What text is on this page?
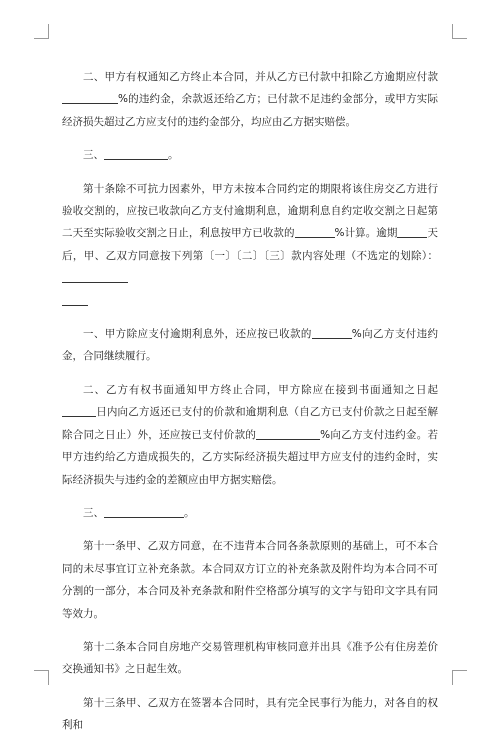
二、甲方有权通知乙方终止本合同，并从乙方已付款中扣除乙方逾期应付款%的违约金，余款返还给乙方；已付款不足违约金部分，或甲方实际经济损失超过乙方应支付的违约金部分，均应由乙方据实赔偿。

三、	。

第十条除不可抗力因素外，甲方未按本合同约定的期限将该住房交乙方进行验收交割的，应按已收款向乙方支付逾期利息，逾期利息自约定收交割之日起第二天至实际验收交割之日止，利息按甲方已收款的	%计算。逾期	天后，甲、乙双方同意按下列第〔一〕〔二〕〔三〕款内容处理（不选定的划除）：

一、甲方除应支付逾期利息外，还应按已收款的	%向乙方支付违约金，合同继续履行。

二、乙方有权书面通知甲方终止合同，甲方除应在接到书面通知之日起日内向乙方返还已支付的价款和逾期利息（自乙方已支付价款之日起至解除合同之日止）外，还应按已支付价款的	%向乙方支付违约金。若甲方违约给乙方造成损失的，乙方实际经济损失超过甲方应支付的违约金时，实际经济损失与违约金的差额应由甲方据实赔偿。

三、	。

第十一条甲、乙双方同意，在不违背本合同各条款原则的基础上，可不本合同的未尽事宜订立补充条款。本合同双方订立的补充条款及附件均为本合同不可分割的一部分，本合同及补充条款和附件空格部分填写的文字与铅印文字具有同等效力。

第十二条本合同自房地产交易管理机构审核同意并出具《准予公有住房差价交换通知书》之日起生效。

第十三条甲、乙双方在签署本合同时，具有完全民事行为能力，对各自的权利和
